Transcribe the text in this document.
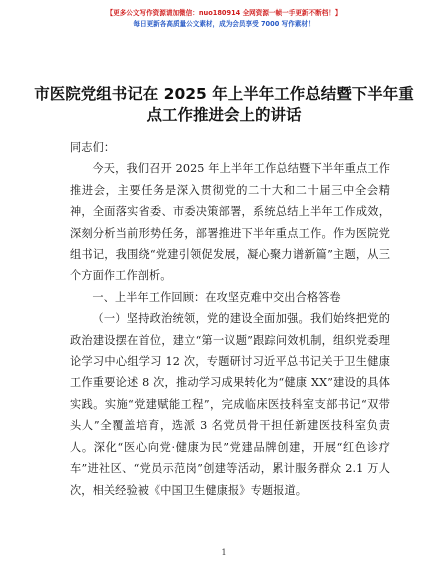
【更多公文写作资源请加微信：nuo180914 全网资源一帧一手更新不断档！】
每日更新各高质量公文素材，成为会员享受 7000 写作素材！
市医院党组书记在 2025 年上半年工作总结暨下半年重点工作推进会上的讲话

同志们：

今天，我们召开 2025 年上半年工作总结暨下半年重点工作推进会，主要任务是深入贯彻党的二十大和二十届三中全会精神，全面落实省委、市委决策部署，系统总结上半年工作成效，深刻分析当前形势任务，部署推进下半年重点工作。作为医院党组书记，我围绕“党建引领促发展，凝心聚力谱新篇”主题，从三个方面作工作剖析。

一、上半年工作回顾：在攻坚克难中交出合格答卷

（一）坚持政治统领，党的建设全面加强。我们始终把党的政治建设摆在首位，建立“第一议题”跟踪问效机制，组织党委理论学习中心组学习 12 次，专题研讨习近平总书记关于卫生健康工作重要论述 8 次，推动学习成果转化为“健康 XX”建设的具体实践。实施“党建赋能工程”，完成临床医技科室支部书记“双带头人”全覆盖培育，选派 3 名党员骨干担任新建医技科室负责人。深化“医心向党·健康为民”党建品牌创建，开展“红色诊疗车”进社区、“党员示范岗”创建等活动，累计服务群众 2.1 万人次，相关经验被《中国卫生健康报》专题报道。

1
